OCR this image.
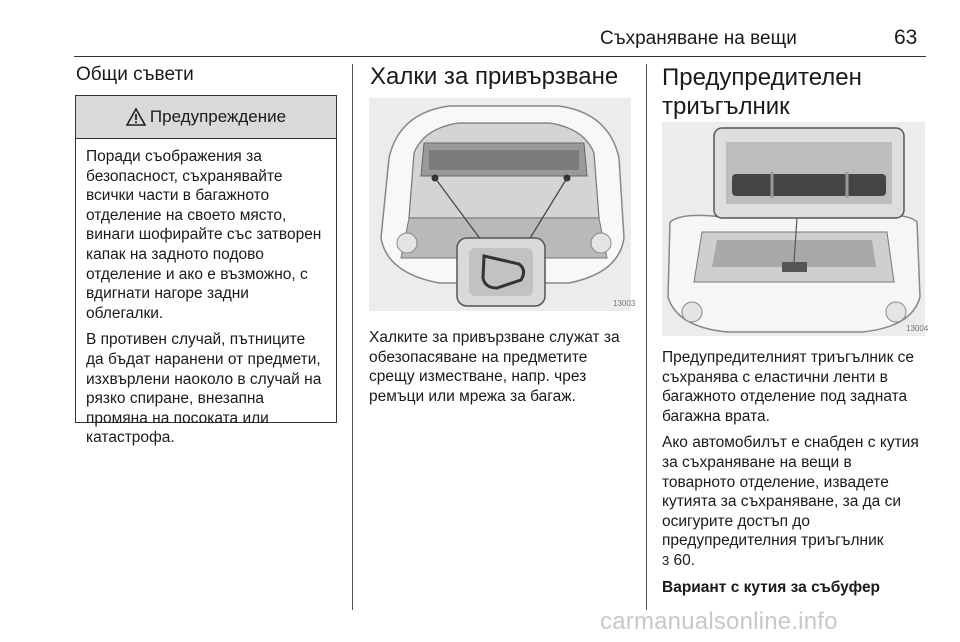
Съхраняване на вещи	63
Общи съвети
Предупреждение

Поради съображения за
безопасност, съхранявайте
всички части в багажното
отделение на своето място,
винаги шофирайте със затворен
капак на задното подово
отделение и ако е възможно, с
вдигнати нагоре задни
облегалки.

В противен случай, пътниците
да бъдат наранени от предмети,
изхвърлени наоколо в случай на
рязко спиране, внезапна
промяна на посоката или
катастрофа.

Халки за привързване
13003

Халките за привързване служат за
обезопасяване на предметите
срещу изместване, напр. чрез
ремъци или мрежа за багаж.

Предупредителен
триъгълник
13004

Предупредителният триъгълник се
съхранява с еластични ленти в
багажното отделение под задната
багажна врата.

Ако автомобилът е снабден с кутия
за съхраняване на вещи в
товарното отделение, извадете
кутията за съхраняване, за да си
осигурите достъп до
предупредителния триъгълник
3 60.

Вариант с кутия за събуфер
carmanualsonline.info
